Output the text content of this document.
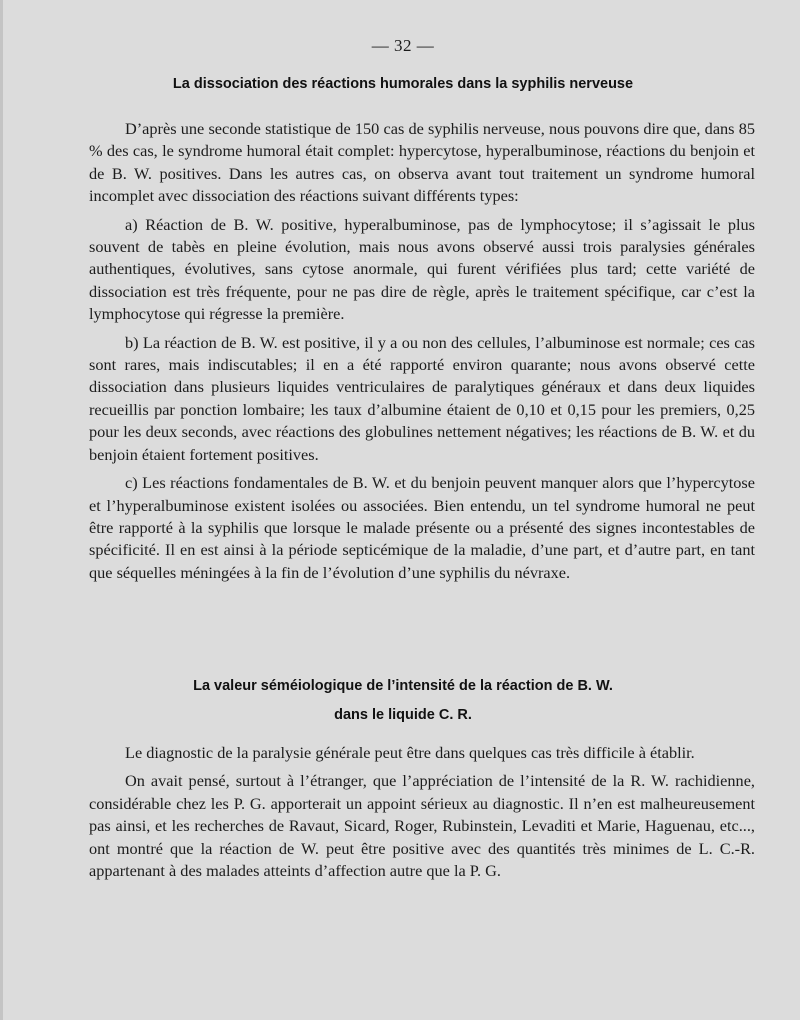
— 32 —
La dissociation des réactions humorales dans la syphilis nerveuse

D’après une seconde statistique de 150 cas de syphilis nerveuse, nous pouvons dire que, dans 85 % des cas, le syndrome humoral était complet: hypercytose, hyperalbuminose, réactions du benjoin et de B. W. positives. Dans les autres cas, on observa avant tout traitement un syndrome humoral incomplet avec dissociation des réactions suivant différents types:

a) Réaction de B. W. positive, hyperalbuminose, pas de lymphocytose; il s’agissait le plus souvent de tabès en pleine évolution, mais nous avons observé aussi trois paralysies générales authentiques, évolutives, sans cytose anormale, qui furent vérifiées plus tard; cette variété de dissociation est très fréquente, pour ne pas dire de règle, après le traitement spécifique, car c’est la lymphocytose qui régresse la première.

b) La réaction de B. W. est positive, il y a ou non des cellules, l’albuminose est normale; ces cas sont rares, mais indiscutables; il en a été rapporté environ quarante; nous avons observé cette dissociation dans plusieurs liquides ventriculaires de paralytiques généraux et dans deux liquides recueillis par ponction lombaire; les taux d’albumine étaient de 0,10 et 0,15 pour les premiers, 0,25 pour les deux seconds, avec réactions des globulines nettement négatives; les réactions de B. W. et du benjoin étaient fortement positives.

c) Les réactions fondamentales de B. W. et du benjoin peuvent manquer alors que l’hypercytose et l’hyperalbuminose existent isolées ou associées. Bien entendu, un tel syndrome humoral ne peut être rapporté à la syphilis que lorsque le malade présente ou a présenté des signes incontestables de spécificité. Il en est ainsi à la période septicémique de la maladie, d’une part, et d’autre part, en tant que séquelles méningées à la fin de l’évolution d’une syphilis du névraxe.

La valeur séméiologique de l’intensité de la réaction de B. W.
dans le liquide C. R.

Le diagnostic de la paralysie générale peut être dans quelques cas très difficile à établir.

On avait pensé, surtout à l’étranger, que l’appréciation de l’intensité de la R. W. rachidienne, considérable chez les P. G. apporterait un appoint sérieux au diagnostic. Il n’en est malheureusement pas ainsi, et les recherches de Ravaut, Sicard, Roger, Rubinstein, Levaditi et Marie, Haguenau, etc..., ont montré que la réaction de W. peut être positive avec des quantités très minimes de L. C.-R. appartenant à des malades atteints d’affection autre que la P. G.
